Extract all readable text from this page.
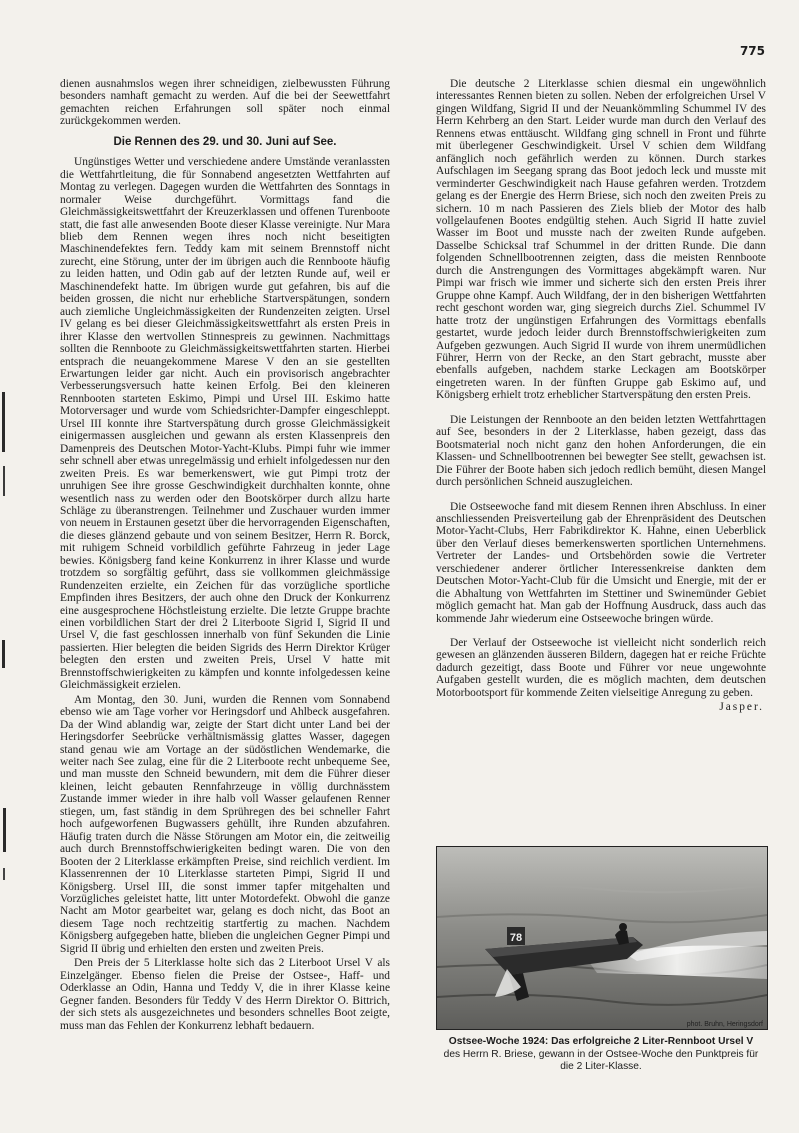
775

dienen ausnahmslos wegen ihrer schneidigen, zielbewussten Führung besonders namhaft gemacht zu werden. Auf die bei der Seewettfahrt gemachten reichen Erfahrungen soll später noch einmal zurückgekommen werden.

Die Rennen des 29. und 30. Juni auf See.

Ungünstiges Wetter und verschiedene andere Umstände veranlassten die Wettfahrtleitung, die für Sonnabend angesetzten Wettfahrten auf Montag zu verlegen. Dagegen wurden die Wettfahrten des Sonntags in normaler Weise durchgeführt. Vormittags fand die Gleichmässigkeitswettfahrt der Kreuzerklassen und offenen Turenboote statt, die fast alle anwesenden Boote dieser Klasse vereinigte. Nur Mara blieb dem Rennen wegen ihres noch nicht beseitigten Maschinendefektes fern. Teddy kam mit seinem Brennstoff nicht zurecht, eine Störung, unter der im übrigen auch die Rennboote häufig zu leiden hatten, und Odin gab auf der letzten Runde auf, weil er Maschinendefekt hatte. Im übrigen wurde gut gefahren, bis auf die beiden grossen, die nicht nur erhebliche Startverspätungen, sondern auch ziemliche Ungleichmässigkeiten der Rundenzeiten zeigten. Ursel IV gelang es bei dieser Gleichmässigkeitswettfahrt als ersten Preis in ihrer Klasse den wertvollen Stinnespreis zu gewinnen. Nachmittags sollten die Rennboote zu Gleichmässigkeitswettfahrten starten. Hierbei entsprach die neuangekommene Marese V den an sie gestellten Erwartungen leider gar nicht. Auch ein provisorisch angebrachter Verbesserungsversuch hatte keinen Erfolg. Bei den kleineren Rennbooten starteten Eskimo, Pimpi und Ursel III. Eskimo hatte Motorversager und wurde vom Schiedsrichter-Dampfer eingeschleppt. Ursel III konnte ihre Startverspätung durch grosse Gleichmässigkeit einigermassen ausgleichen und gewann als ersten Klassenpreis den Damenpreis des Deutschen Motor-Yacht-Klubs. Pimpi fuhr wie immer sehr schnell aber etwas unregelmässig und erhielt infolgedessen nur den zweiten Preis. Es war bemerkenswert, wie gut Pimpi trotz der unruhigen See ihre grosse Geschwindigkeit durchhalten konnte, ohne wesentlich nass zu werden oder den Bootskörper durch allzu harte Schläge zu überanstrengen. Teilnehmer und Zuschauer wurden immer von neuem in Erstaunen gesetzt über die hervorragenden Eigenschaften, die dieses glänzend gebaute und von seinem Besitzer, Herrn R. Borck, mit ruhigem Schneid vorbildlich geführte Fahrzeug in jeder Lage bewies. Königsberg fand keine Konkurrenz in ihrer Klasse und wurde trotzdem so sorgfältig geführt, dass sie vollkommen gleichmässige Rundenzeiten erzielte, ein Zeichen für das vorzügliche sportliche Empfinden ihres Besitzers, der auch ohne den Druck der Konkurrenz eine ausgesprochene Höchstleistung erzielte. Die letzte Gruppe brachte einen vorbildlichen Start der drei 2 Literboote Sigrid I, Sigrid II und Ursel V, die fast geschlossen innerhalb von fünf Sekunden die Linie passierten. Hier belegten die beiden Sigrids des Herrn Direktor Krüger belegten den ersten und zweiten Preis, Ursel V hatte mit Brennstoffschwierigkeiten zu kämpfen und konnte infolgedessen keine Gleichmässigkeit erzielen.

Am Montag, den 30. Juni, wurden die Rennen vom Sonnabend ebenso wie am Tage vorher vor Heringsdorf und Ahlbeck ausgefahren. Da der Wind ablandig war, zeigte der Start dicht unter Land bei der Heringsdorfer Seebrücke verhältnismässig glattes Wasser, dagegen stand genau wie am Vortage an der südöstlichen Wendemarke, die weiter nach See zulag, eine für die 2 Literboote recht unbequeme See, und man musste den Schneid bewundern, mit dem die Führer dieser kleinen, leicht gebauten Rennfahrzeuge in völlig durchnässtem Zustande immer wieder in ihre halb voll Wasser gelaufenen Renner stiegen, um, fast ständig in dem Sprühregen des bei schneller Fahrt hoch aufgeworfenen Bugwassers gehüllt, ihre Runden abzufahren. Häufig traten durch die Nässe Störungen am Motor ein, die zeitweilig auch durch Brennstoffschwierigkeiten bedingt waren. Die von den Booten der 2 Literklasse erkämpften Preise, sind reichlich verdient. Im Klassenrennen der 10 Literklasse starteten Pimpi, Sigrid II und Königsberg. Ursel III, die sonst immer tapfer mitgehalten und Vorzügliches geleistet hatte, litt unter Motordefekt. Obwohl die ganze Nacht am Motor gearbeitet war, gelang es doch nicht, das Boot an diesem Tage noch rechtzeitig startfertig zu machen. Nachdem Königsberg aufgegeben hatte, blieben die ungleichen Gegner Pimpi und Sigrid II übrig und erhielten den ersten und zweiten Preis.

Den Preis der 5 Literklasse holte sich das 2 Literboot Ursel V als Einzelgänger. Ebenso fielen die Preise der Ostsee-, Haff- und Oderklasse an Odin, Hanna und Teddy V, die in ihrer Klasse keine Gegner fanden. Besonders für Teddy V des Herrn Direktor O. Bittrich, der sich stets als ausgezeichnetes und besonders schnelles Boot zeigte, muss man das Fehlen der Konkurrenz lebhaft bedauern.

Die deutsche 2 Literklasse schien diesmal ein ungewöhnlich interessantes Rennen bieten zu sollen. Neben der erfolgreichen Ursel V gingen Wildfang, Sigrid II und der Neuankömmling Schummel IV des Herrn Kehrberg an den Start. Leider wurde man durch den Verlauf des Rennens etwas enttäuscht. Wildfang ging schnell in Front und führte mit überlegener Geschwindigkeit. Ursel V schien dem Wildfang anfänglich noch gefährlich werden zu können. Durch starkes Aufschlagen im Seegang sprang das Boot jedoch leck und musste mit verminderter Geschwindigkeit nach Hause gefahren werden. Trotzdem gelang es der Energie des Herrn Briese, sich noch den zweiten Preis zu sichern. 10 m nach Passieren des Ziels blieb der Motor des halb vollgelaufenen Bootes endgültig stehen. Auch Sigrid II hatte zuviel Wasser im Boot und musste nach der zweiten Runde aufgeben. Dasselbe Schicksal traf Schummel in der dritten Runde. Die dann folgenden Schnellbootrennen zeigten, dass die meisten Rennboote durch die Anstrengungen des Vormittages abgekämpft waren. Nur Pimpi war frisch wie immer und sicherte sich den ersten Preis ihrer Gruppe ohne Kampf. Auch Wildfang, der in den bisherigen Wettfahrten recht geschont worden war, ging siegreich durchs Ziel. Schummel IV hatte trotz der ungünstigen Erfahrungen des Vormittags ebenfalls gestartet, wurde jedoch leider durch Brennstoffschwierigkeiten zum Aufgeben gezwungen. Auch Sigrid II wurde von ihrem unermüdlichen Führer, Herrn von der Recke, an den Start gebracht, musste aber ebenfalls aufgeben, nachdem starke Leckagen am Bootskörper eingetreten waren. In der fünften Gruppe gab Eskimo auf, und Königsberg erhielt trotz erheblicher Startverspätung den ersten Preis.

Die Leistungen der Rennboote an den beiden letzten Wettfahrttagen auf See, besonders in der 2 Literklasse, haben gezeigt, dass das Bootsmaterial noch nicht ganz den hohen Anforderungen, die ein Klassen- und Schnellbootrennen bei bewegter See stellt, gewachsen ist. Die Führer der Boote haben sich jedoch redlich bemüht, diesen Mangel durch persönlichen Schneid auszugleichen.

Die Ostseewoche fand mit diesem Rennen ihren Abschluss. In einer anschliessenden Preisverteilung gab der Ehrenpräsident des Deutschen Motor-Yacht-Clubs, Herr Fabrikdirektor K. Hahne, einen Ueberblick über den Verlauf dieses bemerkenswerten sportlichen Unternehmens. Vertreter der Landes- und Ortsbehörden sowie die Vertreter verschiedener anderer örtlicher Interessenkreise dankten dem Deutschen Motor-Yacht-Club für die Umsicht und Energie, mit der er die Abhaltung von Wettfahrten im Stettiner und Swinemünder Gebiet möglich gemacht hat. Man gab der Hoffnung Ausdruck, dass auch das kommende Jahr wiederum eine Ostseewoche bringen würde.

Der Verlauf der Ostseewoche ist vielleicht nicht sonderlich reich gewesen an glänzenden äusseren Bildern, dagegen hat er reiche Früchte dadurch gezeitigt, dass Boote und Führer vor neue ungewohnte Aufgaben gestellt wurden, die es möglich machten, dem deutschen Motorbootsport für kommende Zeiten vielseitige Anregung zu geben.

Jasper.
78
phot. Bruhn, Heringsdorf
Ostsee-Woche 1924: Das erfolgreiche 2 Liter-Rennboot Ursel V
des Herrn R. Briese, gewann in der Ostsee-Woche den Punktpreis für die 2 Liter-Klasse.
